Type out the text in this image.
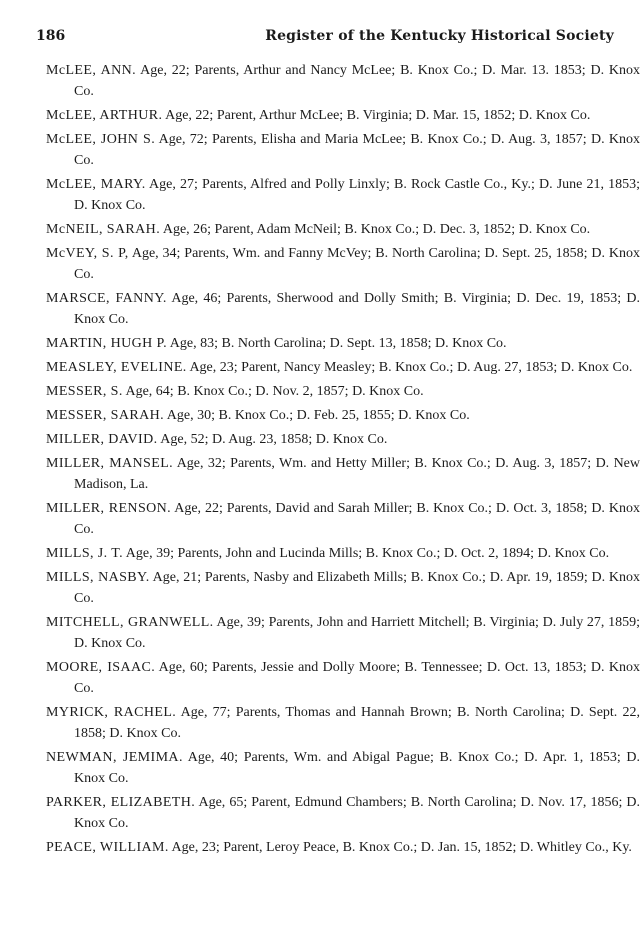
186	Register of the Kentucky Historical Society
McLEE, ANN. Age, 22; Parents, Arthur and Nancy McLee; B. Knox Co.; D. Mar. 13. 1853; D. Knox Co.
McLEE, ARTHUR. Age, 22; Parent, Arthur McLee; B. Virginia; D. Mar. 15, 1852; D. Knox Co.
McLEE, JOHN S. Age, 72; Parents, Elisha and Maria McLee; B. Knox Co.; D. Aug. 3, 1857; D. Knox Co.
McLEE, MARY. Age, 27; Parents, Alfred and Polly Linxly; B. Rock Castle Co., Ky.; D. June 21, 1853; D. Knox Co.
McNEIL, SARAH. Age, 26; Parent, Adam McNeil; B. Knox Co.; D. Dec. 3, 1852; D. Knox Co.
McVEY, S. P, Age, 34; Parents, Wm. and Fanny McVey; B. North Carolina; D. Sept. 25, 1858; D. Knox Co.
MARSCE, FANNY. Age, 46; Parents, Sherwood and Dolly Smith; B. Virginia; D. Dec. 19, 1853; D. Knox Co.
MARTIN, HUGH P. Age, 83; B. North Carolina; D. Sept. 13, 1858; D. Knox Co.
MEASLEY, EVELINE. Age, 23; Parent, Nancy Measley; B. Knox Co.; D. Aug. 27, 1853; D. Knox Co.
MESSER, S. Age, 64; B. Knox Co.; D. Nov. 2, 1857; D. Knox Co.
MESSER, SARAH. Age, 30; B. Knox Co.; D. Feb. 25, 1855; D. Knox Co.
MILLER, DAVID. Age, 52; D. Aug. 23, 1858; D. Knox Co.
MILLER, MANSEL. Age, 32; Parents, Wm. and Hetty Miller; B. Knox Co.; D. Aug. 3, 1857; D. New Madison, La.
MILLER, RENSON. Age, 22; Parents, David and Sarah Miller; B. Knox Co.; D. Oct. 3, 1858; D. Knox Co.
MILLS, J. T. Age, 39; Parents, John and Lucinda Mills; B. Knox Co.; D. Oct. 2, 1894; D. Knox Co.
MILLS, NASBY. Age, 21; Parents, Nasby and Elizabeth Mills; B. Knox Co.; D. Apr. 19, 1859; D. Knox Co.
MITCHELL, GRANWELL. Age, 39; Parents, John and Harriett Mitchell; B. Virginia; D. July 27, 1859; D. Knox Co.
MOORE, ISAAC. Age, 60; Parents, Jessie and Dolly Moore; B. Tennessee; D. Oct. 13, 1853; D. Knox Co.
MYRICK, RACHEL. Age, 77; Parents, Thomas and Hannah Brown; B. North Carolina; D. Sept. 22, 1858; D. Knox Co.
NEWMAN, JEMIMA. Age, 40; Parents, Wm. and Abigal Pague; B. Knox Co.; D. Apr. 1, 1853; D. Knox Co.
PARKER, ELIZABETH. Age, 65; Parent, Edmund Chambers; B. North Carolina; D. Nov. 17, 1856; D. Knox Co.
PEACE, WILLIAM. Age, 23; Parent, Leroy Peace, B. Knox Co.; D. Jan. 15, 1852; D. Whitley Co., Ky.
